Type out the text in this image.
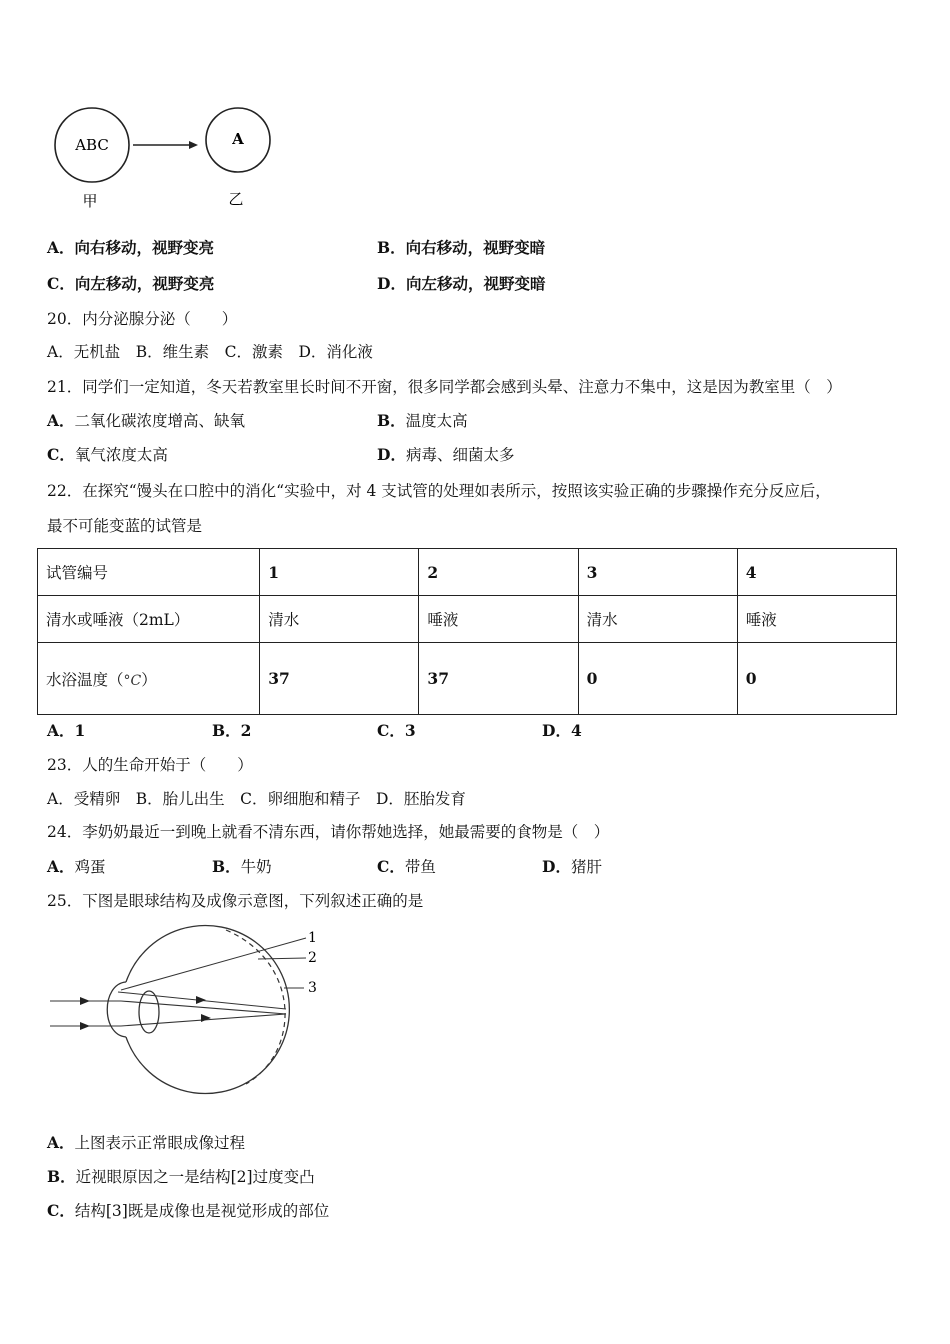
ABC	A
甲	乙
A．向右移动，视野变亮	B．向右移动，视野变暗
C．向左移动，视野变亮	D．向左移动，视野变暗
20．内分泌腺分泌（　　）
A．无机盐　B．维生素　C．激素　D．消化液
21．同学们一定知道，冬天若教室里长时间不开窗，很多同学都会感到头晕、注意力不集中，这是因为教室里（　）
A．二氧化碳浓度增高、缺氧	B．温度太高
C．氧气浓度太高	D．病毒、细菌太多
22．在探究“馒头在口腔中的消化“实验中，对 4 支试管的处理如表所示，按照该实验正确的步骤操作充分反应后，
最不可能变蓝的试管是
试管编号	1	2	3	4
清水或唾液（2mL）	清水	唾液	清水	唾液
水浴温度（°C）	37	37	0	0
A．1	B．2	C．3	D．4
23．人的生命开始于（　　）
A．受精卵　B．胎儿出生　C．卵细胞和精子　D．胚胎发育
24．李奶奶最近一到晚上就看不清东西，请你帮她选择，她最需要的食物是（　）
A．鸡蛋	B．牛奶	C．带鱼	D．猪肝
25．下图是眼球结构及成像示意图，下列叙述正确的是
1
2
3
A．上图表示正常眼成像过程
B．近视眼原因之一是结构[2]过度变凸
C．结构[3]既是成像也是视觉形成的部位
